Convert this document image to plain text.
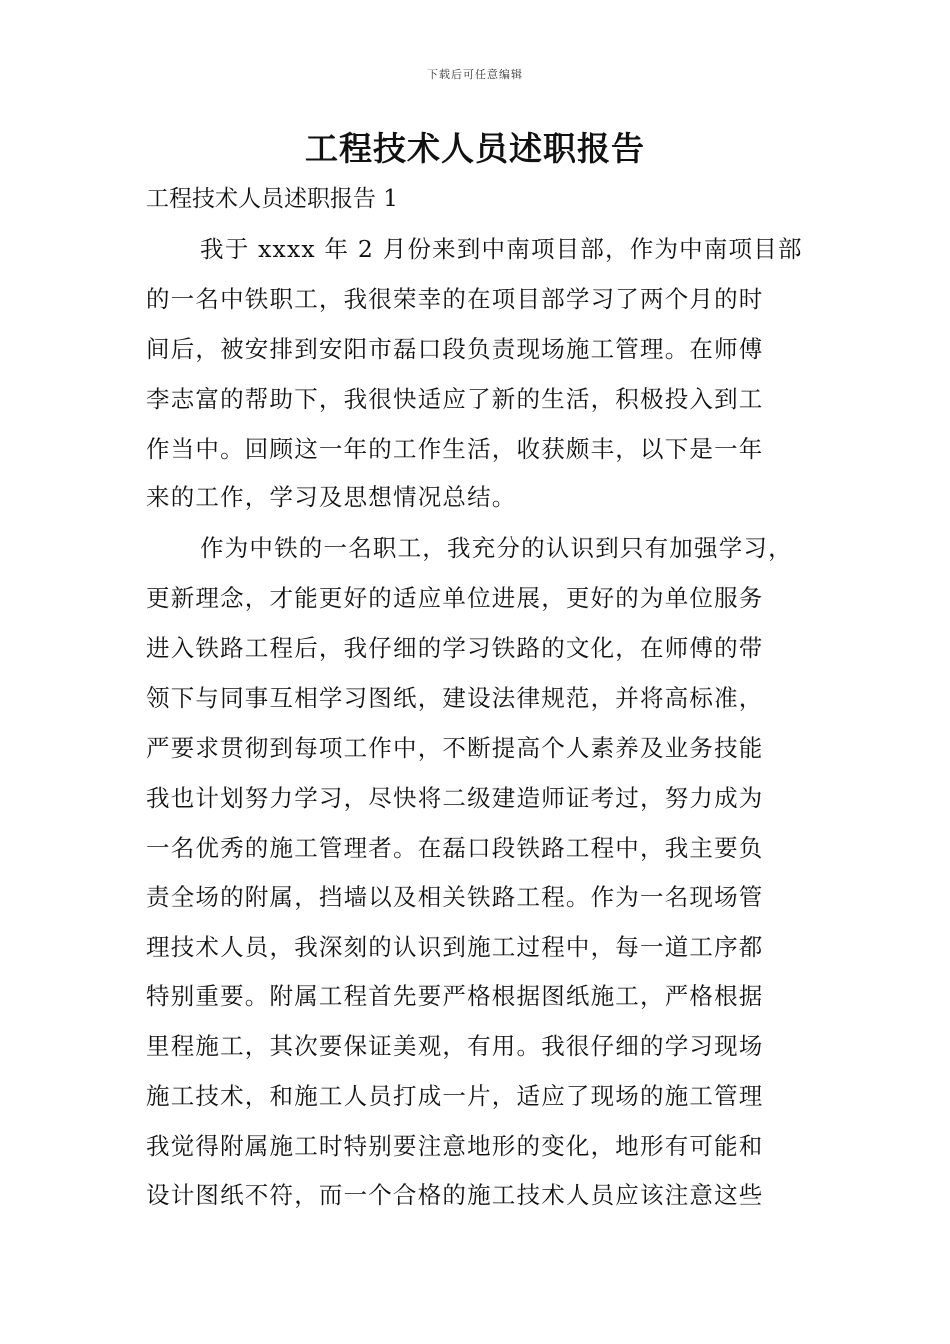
下载后可任意编辑
工程技术人员述职报告
工程技术人员述职报告 1
我于 xxxx 年 2 月份来到中南项目部，作为中南项目部
的一名中铁职工，我很荣幸的在项目部学习了两个月的时
间后，被安排到安阳市磊口段负责现场施工管理。在师傅
李志富的帮助下，我很快适应了新的生活，积极投入到工
作当中。回顾这一年的工作生活，收获颇丰，以下是一年
来的工作，学习及思想情况总结。
作为中铁的一名职工，我充分的认识到只有加强学习，
更新理念，才能更好的适应单位进展，更好的为单位服务
进入铁路工程后，我仔细的学习铁路的文化，在师傅的带
领下与同事互相学习图纸，建设法律规范，并将高标准，
严要求贯彻到每项工作中，不断提高个人素养及业务技能
我也计划努力学习，尽快将二级建造师证考过，努力成为
一名优秀的施工管理者。在磊口段铁路工程中，我主要负
责全场的附属，挡墙以及相关铁路工程。作为一名现场管
理技术人员，我深刻的认识到施工过程中，每一道工序都
特别重要。附属工程首先要严格根据图纸施工，严格根据
里程施工，其次要保证美观，有用。我很仔细的学习现场
施工技术，和施工人员打成一片，适应了现场的施工管理
我觉得附属施工时特别要注意地形的变化，地形有可能和
设计图纸不符，而一个合格的施工技术人员应该注意这些
